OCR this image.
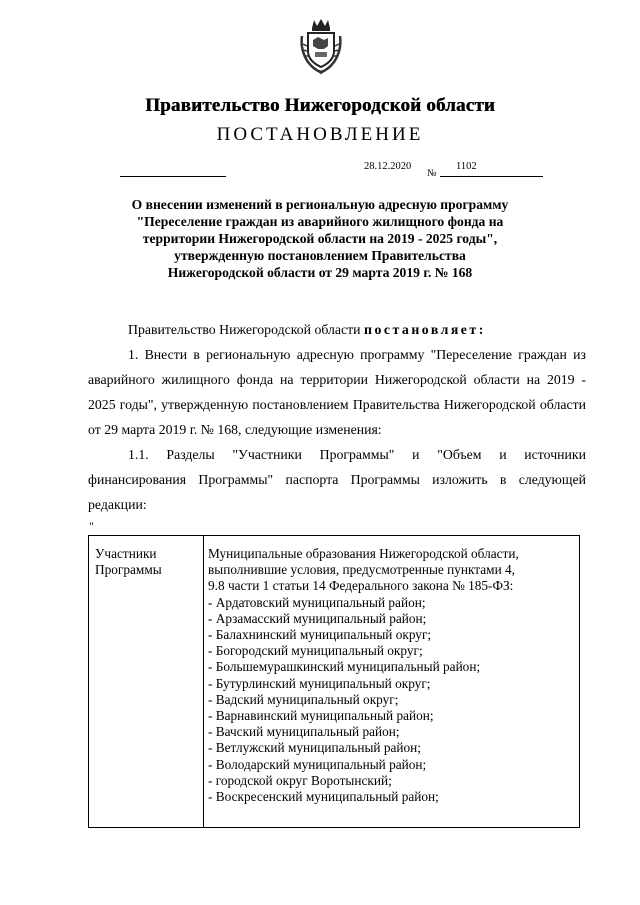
Правительство Нижегородской области
ПОСТАНОВЛЕНИЕ
28.12.2020
№
1102
О внесении изменений в региональную адресную программу
"Переселение граждан из аварийного жилищного фонда на
территории Нижегородской области на 2019 - 2025 годы",
утвержденную постановлением Правительства
Нижегородской области от 29 марта 2019 г. № 168

Правительство Нижегородской области постановляет:

1. Внести в региональную адресную программу "Переселение граждан из аварийного жилищного фонда на территории Нижегородской области на 2019 - 2025 годы", утвержденную постановлением Правительства Нижегородской области от 29 марта 2019 г. № 168, следующие изменения:

1.1. Разделы "Участники Программы" и "Объем и источники финансирования Программы" паспорта Программы изложить в следующей редакции:

"
Участники Программы
Муниципальные образования Нижегородской области,
выполнившие условия, предусмотренные пунктами 4,
9.8 части 1 статьи 14 Федерального закона № 185-ФЗ:
- Ардатовский муниципальный район;
- Арзамасский муниципальный район;
- Балахнинский муниципальный округ;
- Богородский муниципальный округ;
- Большемурашкинский муниципальный район;
- Бутурлинский муниципальный округ;
- Вадский муниципальный округ;
- Варнавинский муниципальный район;
- Вачский муниципальный район;
- Ветлужский муниципальный район;
- Володарский муниципальный район;
- городской округ Воротынский;
- Воскресенский муниципальный район;
